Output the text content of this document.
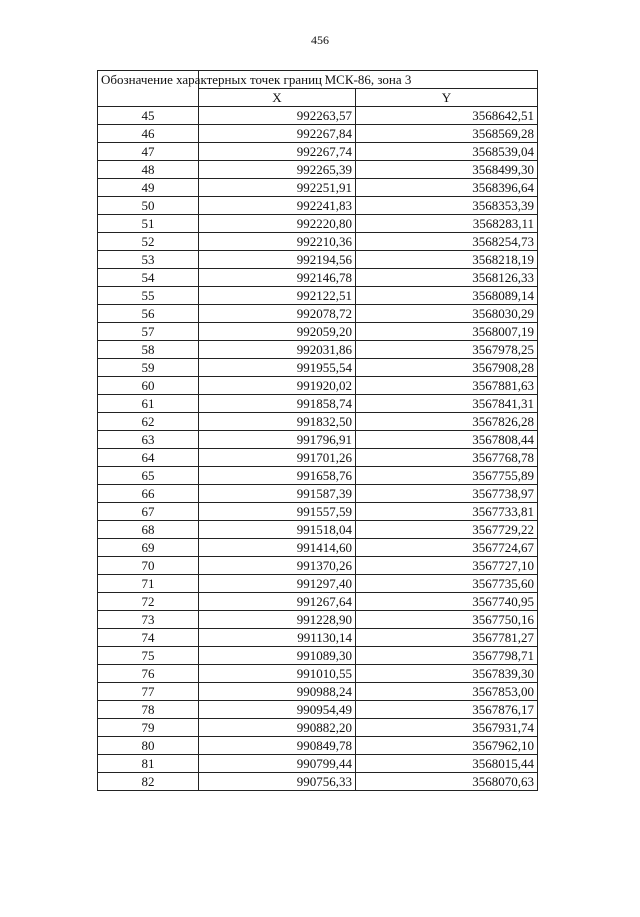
456
Обозначение характерных точек границ	МСК-86, зона 3	
	X	Y
45	992263,57	3568642,51
46	992267,84	3568569,28
47	992267,74	3568539,04
48	992265,39	3568499,30
49	992251,91	3568396,64
50	992241,83	3568353,39
51	992220,80	3568283,11
52	992210,36	3568254,73
53	992194,56	3568218,19
54	992146,78	3568126,33
55	992122,51	3568089,14
56	992078,72	3568030,29
57	992059,20	3568007,19
58	992031,86	3567978,25
59	991955,54	3567908,28
60	991920,02	3567881,63
61	991858,74	3567841,31
62	991832,50	3567826,28
63	991796,91	3567808,44
64	991701,26	3567768,78
65	991658,76	3567755,89
66	991587,39	3567738,97
67	991557,59	3567733,81
68	991518,04	3567729,22
69	991414,60	3567724,67
70	991370,26	3567727,10
71	991297,40	3567735,60
72	991267,64	3567740,95
73	991228,90	3567750,16
74	991130,14	3567781,27
75	991089,30	3567798,71
76	991010,55	3567839,30
77	990988,24	3567853,00
78	990954,49	3567876,17
79	990882,20	3567931,74
80	990849,78	3567962,10
81	990799,44	3568015,44
82	990756,33	3568070,63
